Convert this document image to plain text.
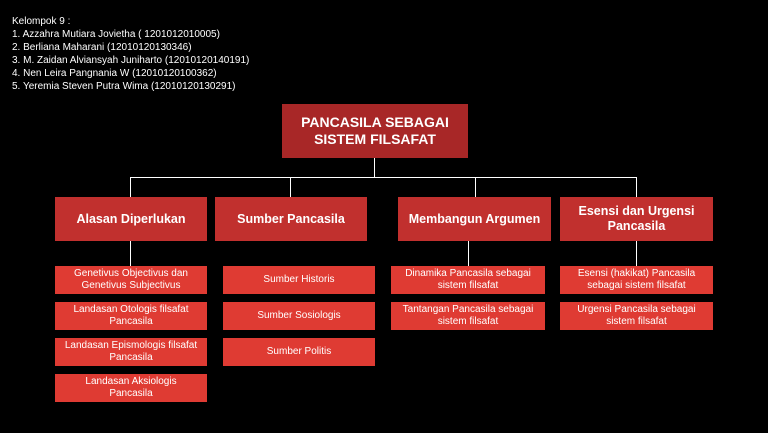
Kelompok 9 :
1. Azzahra Mutiara Jovietha ( 1201012010005)
2. Berliana Maharani (12010120130346)
3. M. Zaidan Alviansyah Juniharto (12010120140191)
4. Nen Leira Pangnania W (12010120100362)
5. Yeremia Steven Putra Wima (12010120130291)
PANCASILA SEBAGAI
SISTEM FILSAFAT
Alasan Diperlukan	Sumber Pancasila	Membangun Argumen
Esensi dan Urgensi
Pancasila
Genetivus Objectivus dan
Genetivus Subjectivus
Landasan Otologis filsafat
Pancasila
Landasan Epismologis filsafat
Pancasila
Landasan Aksiologis
Pancasila
Sumber Historis
Sumber Sosiologis
Sumber Politis
Dinamika Pancasila sebagai
sistem filsafat
Tantangan Pancasila sebagai
sistem filsafat
Esensi (hakikat) Pancasila
sebagai sistem filsafat
Urgensi Pancasila sebagai
sistem filsafat
